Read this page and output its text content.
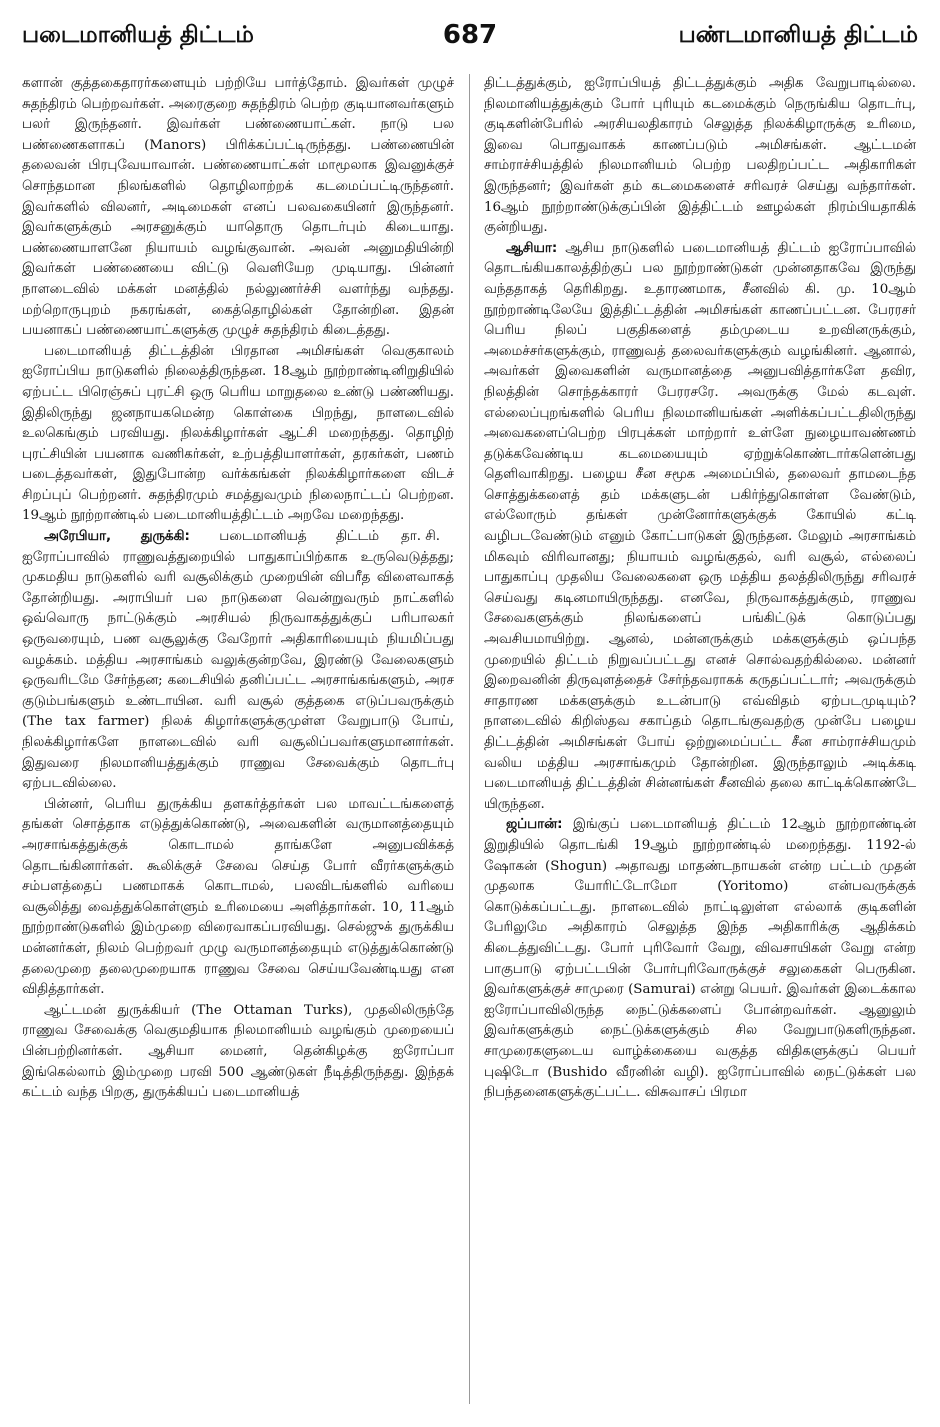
படைமானியத் திட்டம்	687	பண்டமானியத் திட்டம்

களான் குத்தகைதாரர்களையும் பற்றியே பார்த்தோம். இவர்கள் முழுச் சுதந்திரம் பெற்றவர்கள். அரைகுறை சுதந்திரம் பெற்ற குடியானவர்களும் பலர் இருந்தனர். இவர்கள் பண்ணையாட்கள். நாடு பல பண்ணைகளாகப் (Manors) பிரிக்கப்பட்டிருந்தது. பண்ணையின் தலைவன் பிரபுவேயாவான். பண்ணையாட்கள் மாமூலாக இவனுக்குச் சொந்தமான நிலங்களில் தொழிலாற்றக் கடமைப்பட்டிருந்தனர். இவர்களில் விலனர், அடிமைகள் எனப் பலவகையினர் இருந்தனர். இவர்களுக்கும் அரசனுக்கும் யாதொரு தொடர்பும் கிடையாது. பண்ணையாளனே நியாயம் வழங்குவான். அவன் அனுமதியின்றி இவர்கள் பண்ணையை விட்டு வெளியேற முடியாது. பின்னர் நாளடைவில் மக்கள் மனத்தில் நல்லுணர்ச்சி வளர்ந்து வந்தது. மற்றொருபுறம் நகரங்கள், கைத்தொழில்கள் தோன்றின. இதன் பயனாகப் பண்ணையாட்களுக்கு முழுச் சுதந்திரம் கிடைத்தது.

படைமானியத் திட்டத்தின் பிரதான அமிசங்கள் வெகுகாலம் ஐரோப்பிய நாடுகளில் நிலைத்திருந்தன. 18ஆம் நூற்றாண்டினிறுதியில் ஏற்பட்ட பிரெஞ்சுப் புரட்சி ஒரு பெரிய மாறுதலை உண்டு பண்ணியது. இதிலிருந்து ஜனநாயகமென்ற கொள்கை பிறந்து, நாளடைவில் உலகெங்கும் பரவியது. நிலக்கிழார்கள் ஆட்சி மறைந்தது. தொழிற் புரட்சியின் பயனாக வணிகர்கள், உற்பத்தியாளர்கள், தரகர்கள், பணம் படைத்தவர்கள், இதுபோன்ற வர்க்கங்கள் நிலக்கிழார்களை விடச் சிறப்புப் பெற்றனர். சுதந்திரமும் சமத்துவமும் நிலைநாட்டப் பெற்றன. 19ஆம் நூற்றாண்டில் படைமானியத்திட்டம் அறவே மறைந்தது.
தா. சி.

அரேபியா, துருக்கி: படைமானியத் திட்டம் ஐரோப்பாவில் ராணுவத்துறையில் பாதுகாப்பிற்காக உருவெடுத்தது; முகமதிய நாடுகளில் வரி வசூலிக்கும் முறையின் விபரீத விளைவாகத் தோன்றியது. அராபியர் பல நாடுகளை வென்றுவரும் நாட்களில் ஒவ்வொரு நாட்டுக்கும் அரசியல் நிருவாகத்துக்குப் பரிபாலகர் ஒருவரையும், பண வசூலுக்கு வேறோர் அதிகாரியையும் நியமிப்பது வழக்கம். மத்திய அரசாங்கம் வலுக்குன்றவே, இரண்டு வேலைகளும் ஒருவரிடமே சேர்ந்தன; கடைசியில் தனிப்பட்ட அரசாங்கங்களும், அரச குடும்பங்களும் உண்டாயின. வரி வசூல் குத்தகை எடுப்பவருக்கும் (The tax farmer) நிலக் கிழார்களுக்குமுள்ள வேறுபாடு போய், நிலக்கிழார்களே நாளடைவில் வரி வசூலிப்பவர்களுமானார்கள். இதுவரை நிலமானியத்துக்கும் ராணுவ சேவைக்கும் தொடர்பு ஏற்படவில்லை.

பின்னர், பெரிய துருக்கிய தளகர்த்தர்கள் பல மாவட்டங்களைத் தங்கள் சொத்தாக எடுத்துக்கொண்டு, அவைகளின் வருமானத்தையும் அரசாங்கத்துக்குக் கொடாமல் தாங்களே அனுபவிக்கத் தொடங்கினார்கள். கூலிக்குச் சேவை செய்த போர் வீரர்களுக்கும் சம்பளத்தைப் பணமாகக் கொடாமல், பலவிடங்களில் வரியை வசூலித்து வைத்துக்கொள்ளும் உரிமையை அளித்தார்கள். 10, 11ஆம் நூற்றாண்டுகளில் இம்முறை விரைவாகப்பரவியது. செல்ஜுக் துருக்கிய மன்னர்கள், நிலம் பெற்றவர் முழு வருமானத்தையும் எடுத்துக்கொண்டு தலைமுறை தலைமுறையாக ராணுவ சேவை செய்யவேண்டியது என விதித்தார்கள்.

ஆட்டமன் துருக்கியர் (The Ottaman Turks), முதலிலிருந்தே ராணுவ சேவைக்கு வெகுமதியாக நிலமானியம் வழங்கும் முறையைப் பின்பற்றினர்கள். ஆசியா மைனர், தென்கிழக்கு ஐரோப்பா இங்கெல்லாம் இம்முறை பரவி 500 ஆண்டுகள் நீடித்திருந்தது. இந்தக் கட்டம் வந்த பிறகு, துருக்கியப் படைமானியத்

திட்டத்துக்கும், ஐரோப்பியத் திட்டத்துக்கும் அதிக வேறுபாடில்லை. நிலமானியத்துக்கும் போர் புரியும் கடமைக்கும் நெருங்கிய தொடர்பு, குடிகளின்பேரில் அரசியலதிகாரம் செலுத்த நிலக்கிழாருக்கு உரிமை, இவை பொதுவாகக் காணப்படும் அமிசங்கள். ஆட்டமன் சாம்ராச்சியத்தில் நிலமானியம் பெற்ற பலதிறப்பட்ட அதிகாரிகள் இருந்தனர்; இவர்கள் தம் கடமைகளைச் சரிவரச் செய்து வந்தார்கள். 16ஆம் நூற்றாண்டுக்குப்பின் இத்திட்டம் ஊழல்கள் நிரம்பியதாகிக் குன்றியது.

ஆசியா: ஆசிய நாடுகளில் படைமானியத் திட்டம் ஐரோப்பாவில் தொடங்கியகாலத்திற்குப் பல நூற்றாண்டுகள் முன்னதாகவே இருந்து வந்ததாகத் தெரிகிறது. உதாரணமாக, சீனவில் கி. மு. 10ஆம் நூற்றாண்டிலேயே இத்திட்டத்தின் அமிசங்கள் காணப்பட்டன. பேரரசர் பெரிய நிலப் பகுதிகளைத் தம்முடைய உறவினருக்கும், அமைச்சர்களுக்கும், ராணுவத் தலைவர்களுக்கும் வழங்கினர். ஆனால், அவர்கள் இவைகளின் வருமானத்தை அனுபவித்தார்களே தவிர, நிலத்தின் சொந்தக்காரர் பேரரசரே. அவருக்கு மேல் கடவுள். எல்லைப்புறங்களில் பெரிய நிலமானியங்கள் அளிக்கப்பட்டதிலிருந்து அவைகளைப்பெற்ற பிரபுக்கள் மாற்றார் உள்ளே நுழையாவண்ணம் தடுக்கவேண்டிய கடமையையும் ஏற்றுக்கொண்டார்களென்பது தெளிவாகிறது. பழைய சீன சமூக அமைப்பில், தலைவர் தாமடைந்த சொத்துக்களைத் தம் மக்களுடன் பகிர்ந்துகொள்ள வேண்டும், எல்லோரும் தங்கள் முன்னோர்களுக்குக் கோயில் கட்டி வழிபடவேண்டும் எனும் கோட்பாடுகள் இருந்தன. மேலும் அரசாங்கம் மிகவும் விரிவானது; நியாயம் வழங்குதல், வரி வசூல், எல்லைப் பாதுகாப்பு முதலிய வேலைகளை ஒரு மத்திய தலத்திலிருந்து சரிவரச் செய்வது கடினமாயிருந்தது. எனவே, நிருவாகத்துக்கும், ராணுவ சேவைகளுக்கும் நிலங்களைப் பங்கிட்டுக் கொடுப்பது அவசியமாயிற்று. ஆனல், மன்னருக்கும் மக்களுக்கும் ஒப்பந்த முறையில் திட்டம் நிறுவப்பட்டது எனச் சொல்வதற்கில்லை. மன்னர் இறைவனின் திருவுளத்தைச் சேர்ந்தவராகக் கருதப்பட்டார்; அவருக்கும் சாதாரண மக்களுக்கும் உடன்பாடு எவ்விதம் ஏற்படமுடியும்? நாளடைவில் கிறிஸ்தவ சகாப்தம் தொடங்குவதற்கு முன்பே பழைய திட்டத்தின் அமிசங்கள் போய் ஒற்றுமைப்பட்ட சீன சாம்ராச்சியமும் வலிய மத்திய அரசாங்கமும் தோன்றின. இருந்தாலும் அடிக்கடி படைமானியத் திட்டத்தின் சின்னங்கள் சீனவில் தலை காட்டிக்கொண்டே யிருந்தன.

ஜப்பான்: இங்குப் படைமானியத் திட்டம் 12ஆம் நூற்றாண்டின் இறுதியில் தொடங்கி 19ஆம் நூற்றாண்டில் மறைந்தது. 1192-ல் ஷோகன் (Shogun) அதாவது மாதண்டநாயகன் என்ற பட்டம் முதன் முதலாக யோரிட்டோமோ (Yoritomo) என்பவருக்குக் கொடுக்கப்பட்டது. நாளடைவில் நாட்டிலுள்ள எல்லாக் குடிகளின் பேரிலுமே அதிகாரம் செலுத்த இந்த அதிகாரிக்கு ஆதிக்கம் கிடைத்துவிட்டது. போர் புரிவோர் வேறு, விவசாயிகள் வேறு என்ற பாகுபாடு ஏற்பட்டபின் போர்புரிவோருக்குச் சலுகைகள் பெருகின. இவர்களுக்குச் சாமுரை (Samurai) என்று பெயர். இவர்கள் இடைக்கால ஐரோப்பாவிலிருந்த நைட்டுக்களைப் போன்றவர்கள். ஆனுலும் இவர்களுக்கும் நைட்டுக்களுக்கும் சில வேறுபாடுகளிருந்தன. சாமுரைகளுடைய வாழ்க்கையை வகுத்த விதிகளுக்குப் பெயர் புஷிடோ (Bushido வீரனின் வழி). ஐரோப்பாவில் நைட்டுக்கள் பல நிபந்தனைகளுக்குட்பட்ட. விசுவாசப் பிரமா
